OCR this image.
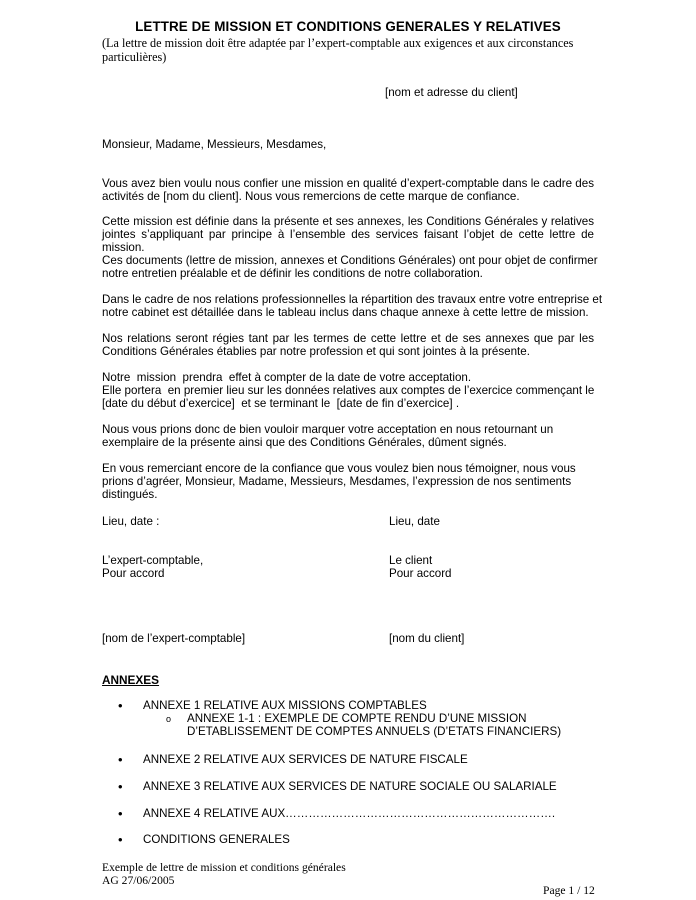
LETTRE DE MISSION ET CONDITIONS GENERALES Y RELATIVES
(La lettre de mission doit être adaptée par l’expert-comptable aux exigences et aux circonstances particulières)
[nom et adresse du client]
Monsieur, Madame, Messieurs, Mesdames,
Vous avez bien voulu nous confier une mission en qualité d’expert-comptable dans le cadre des
activités de [nom du client]. Nous vous remercions de cette marque de confiance.
Cette mission est définie dans la présente et ses annexes, les Conditions Générales y relatives
jointes s’appliquant par principe à l’ensemble des services faisant l’objet de cette lettre de
mission.
Ces documents (lettre de mission, annexes et Conditions Générales) ont pour objet de confirmer
notre entretien préalable et de définir les conditions de notre collaboration.
Dans le cadre de nos relations professionnelles la répartition des travaux entre votre entreprise et
notre cabinet est détaillée dans le tableau inclus dans chaque annexe à cette lettre de mission.
Nos relations seront régies tant par les termes de cette lettre et de ses annexes que par les
Conditions Générales établies par notre profession et qui sont jointes à la présente.
Notre  mission  prendra  effet à compter de la date de votre acceptation.
Elle portera  en premier lieu sur les données relatives aux comptes de l’exercice commençant le
[date du début d’exercice]  et se terminant le  [date de fin d’exercice] .
Nous vous prions donc de bien vouloir marquer votre acceptation en nous retournant un
exemplaire de la présente ainsi que des Conditions Générales, dûment signés.
En vous remerciant encore de la confiance que vous voulez bien nous témoigner, nous vous
prions d’agréer, Monsieur, Madame, Messieurs, Mesdames, l’expression de nos sentiments
distingués.
Lieu, date :	Lieu, date
L’expert-comptable,	Le client
Pour accord	Pour accord
[nom de l’expert-comptable]	[nom du client]
ANNEXES
• ANNEXE 1 RELATIVE AUX MISSIONS COMPTABLES
o ANNEXE 1-1 : EXEMPLE DE COMPTE RENDU D’UNE MISSION
D’ETABLISSEMENT DE COMPTES ANNUELS (D’ETATS FINANCIERS)
• ANNEXE 2 RELATIVE AUX SERVICES DE NATURE FISCALE
• ANNEXE 3 RELATIVE AUX SERVICES DE NATURE SOCIALE OU SALARIALE
• ANNEXE 4 RELATIVE AUX…………………………………………………………….
• CONDITIONS GENERALES
Exemple de lettre de mission et conditions générales
AG 27/06/2005
Page 1 / 12
